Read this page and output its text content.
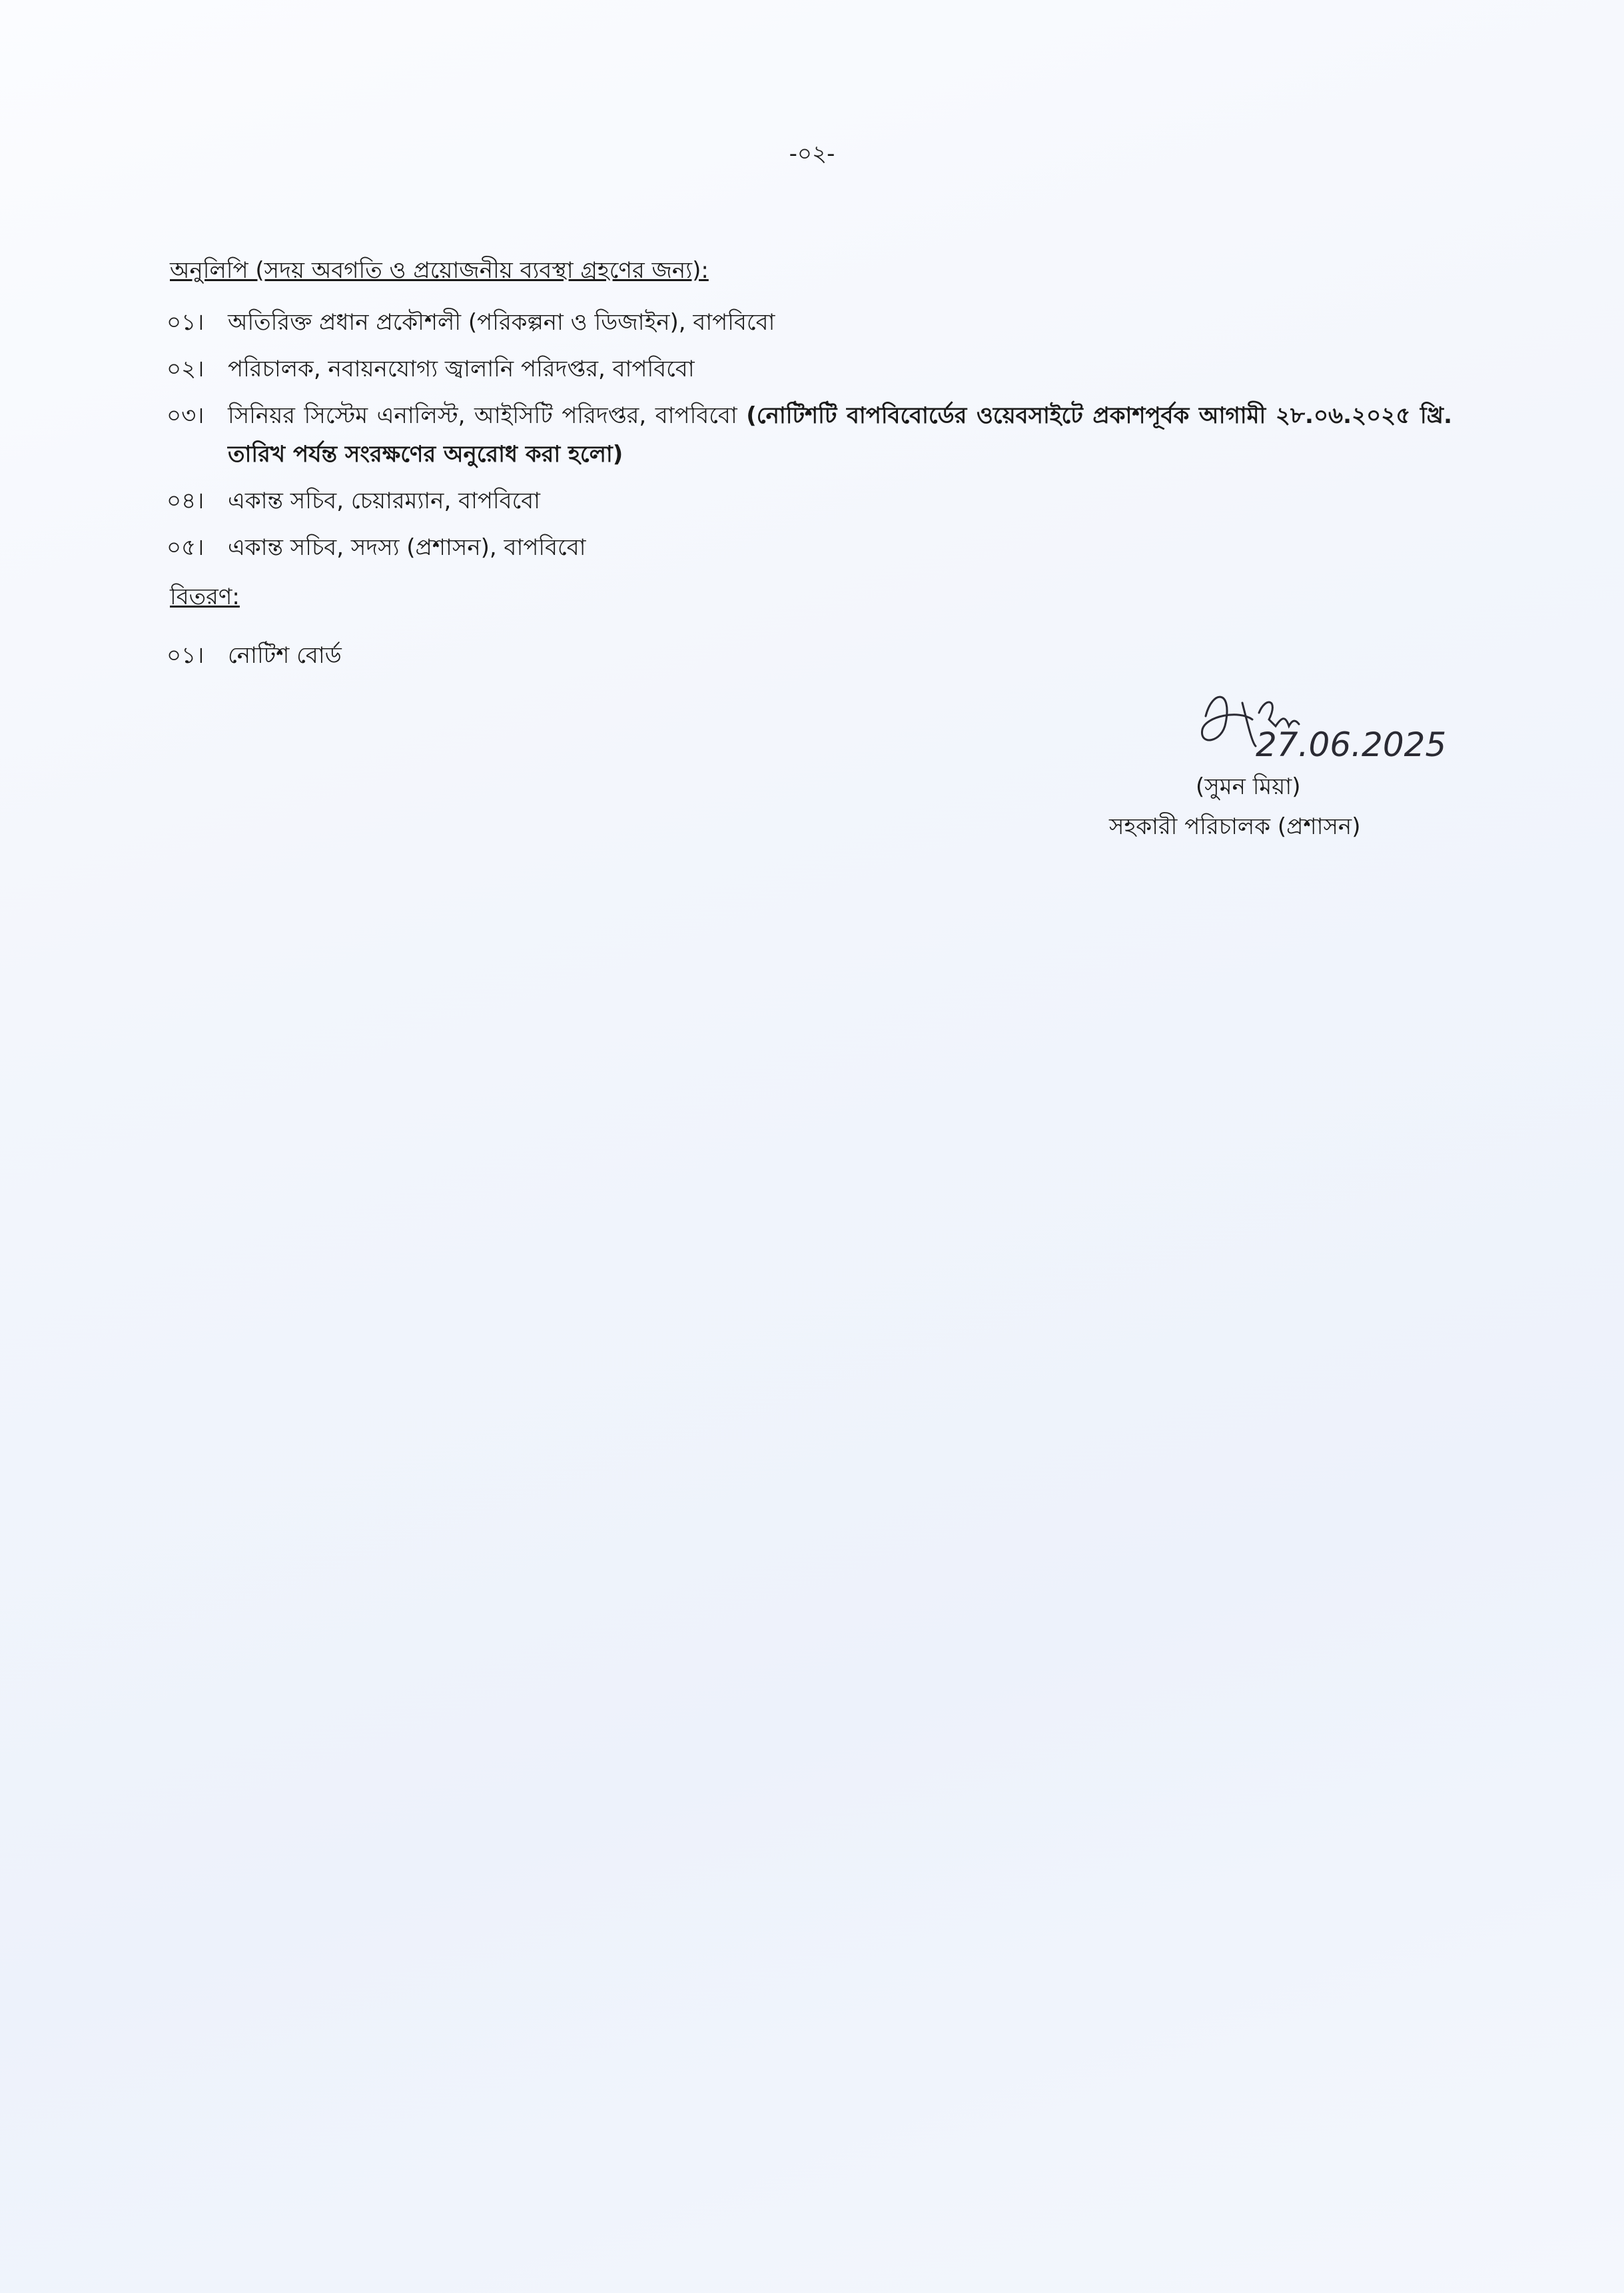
-০২-
অনুলিপি (সদয় অবগতি ও প্রয়োজনীয় ব্যবস্থা গ্রহণের জন্য):
০১।	অতিরিক্ত প্রধান প্রকৌশলী (পরিকল্পনা ও ডিজাইন), বাপবিবো
০২।	পরিচালক, নবায়নযোগ্য জ্বালানি পরিদপ্তর, বাপবিবো
০৩।	সিনিয়র সিস্টেম এনালিস্ট, আইসিটি পরিদপ্তর, বাপবিবো (নোটিশটি বাপবিবোর্ডের ওয়েবসাইটে প্রকাশপূর্বক আগামী ২৮.০৬.২০২৫ খ্রি. তারিখ পর্যন্ত সংরক্ষণের অনুরোধ করা হলো)
০৪।	একান্ত সচিব, চেয়ারম্যান, বাপবিবো
০৫।	একান্ত সচিব, সদস্য (প্রশাসন), বাপবিবো
বিতরণ:
০১।	নোটিশ বোর্ড
27.06.2025
(সুমন মিয়া)
সহকারী পরিচালক (প্রশাসন)
